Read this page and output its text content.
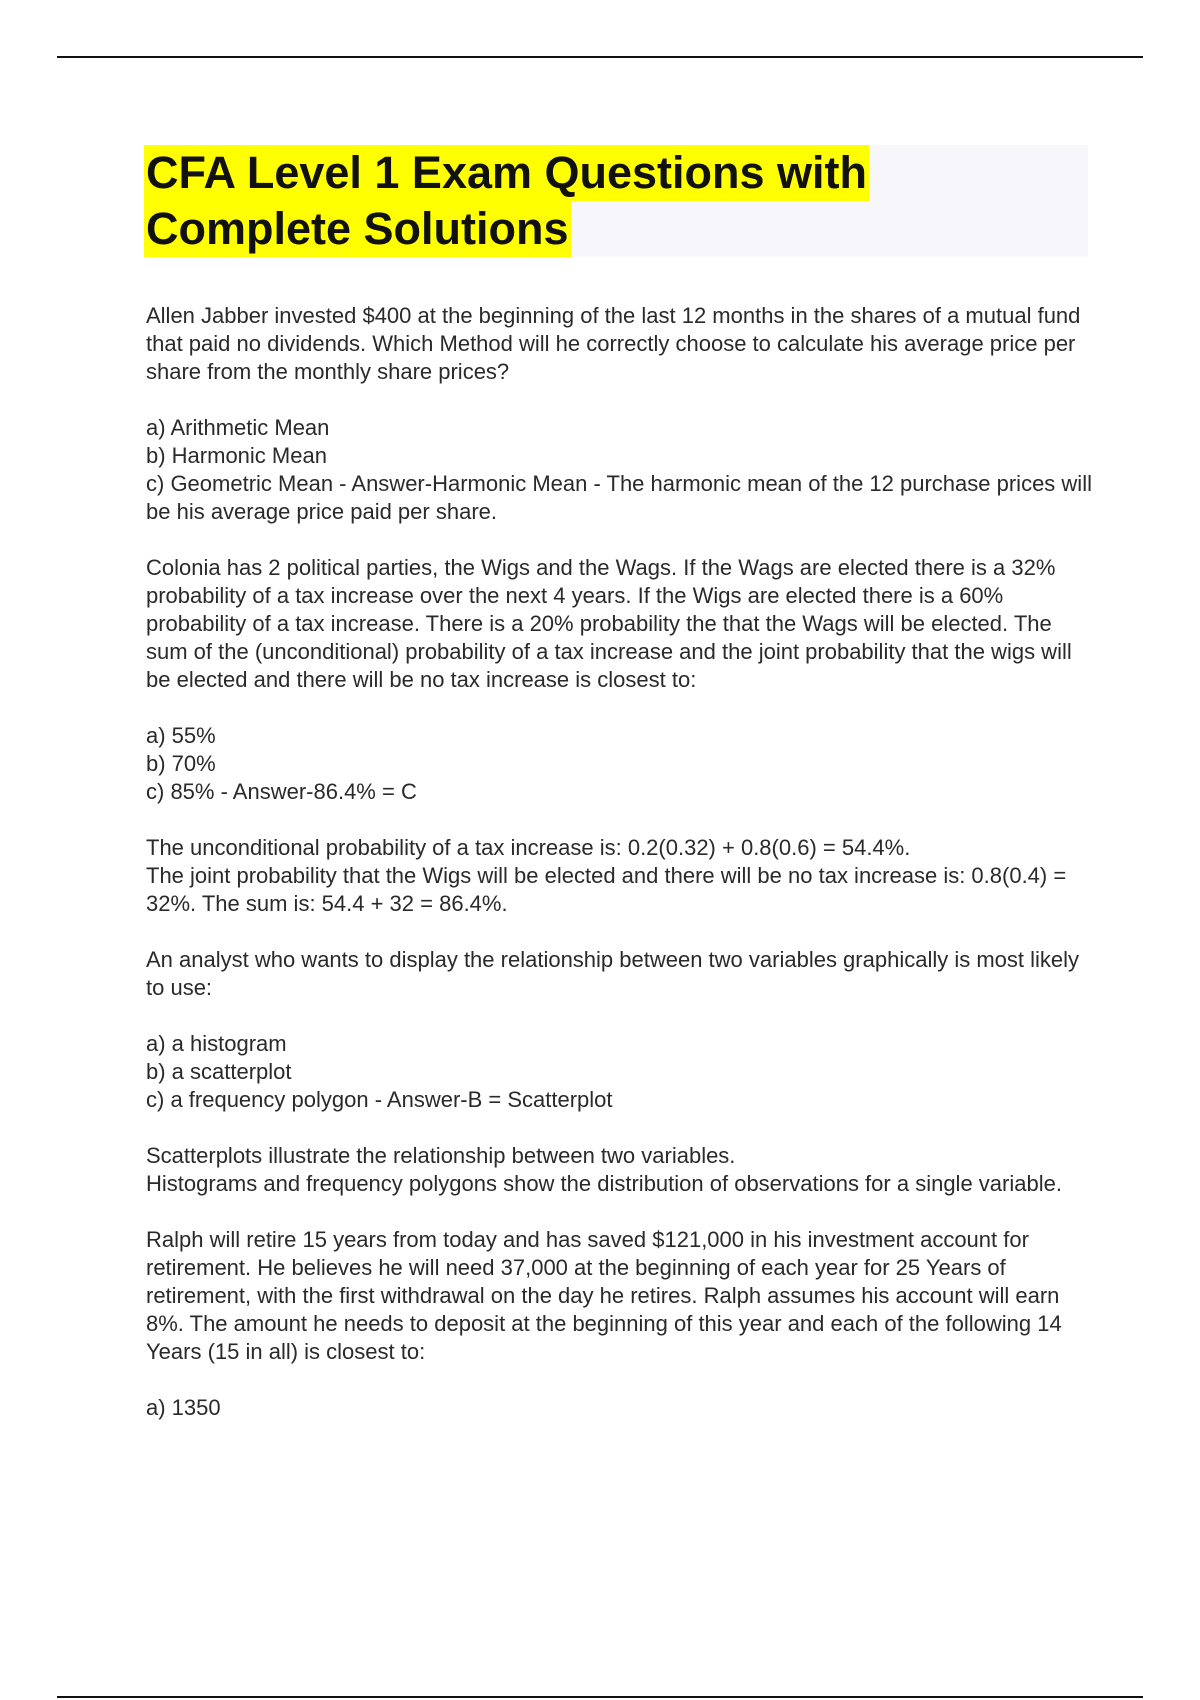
CFA Level 1 Exam Questions with
Complete Solutions

Allen Jabber invested $400 at the beginning of the last 12 months in the shares of a mutual fund that paid no dividends. Which Method will he correctly choose to calculate his average price per share from the monthly share prices?

a) Arithmetic Mean

b) Harmonic Mean

c) Geometric Mean - Answer-Harmonic Mean - The harmonic mean of the 12 purchase prices will be his average price paid per share.

Colonia has 2 political parties, the Wigs and the Wags. If the Wags are elected there is a 32% probability of a tax increase over the next 4 years. If the Wigs are elected there is a 60% probability of a tax increase. There is a 20% probability the that the Wags will be elected. The sum of the (unconditional) probability of a tax increase and the joint probability that the wigs will be elected and there will be no tax increase is closest to:

a) 55%

b) 70%

c) 85% - Answer-86.4% = C

The unconditional probability of a tax increase is: 0.2(0.32) + 0.8(0.6) = 54.4%.

The joint probability that the Wigs will be elected and there will be no tax increase is: 0.8(0.4) = 32%. The sum is: 54.4 + 32 = 86.4%.

An analyst who wants to display the relationship between two variables graphically is most likely to use:

a) a histogram

b) a scatterplot

c) a frequency polygon - Answer-B = Scatterplot

Scatterplots illustrate the relationship between two variables.

Histograms and frequency polygons show the distribution of observations for a single variable.

Ralph will retire 15 years from today and has saved $121,000 in his investment account for retirement. He believes he will need 37,000 at the beginning of each year for 25 Years of retirement, with the first withdrawal on the day he retires. Ralph assumes his account will earn 8%. The amount he needs to deposit at the beginning of this year and each of the following 14 Years (15 in all) is closest to:

a) 1350
